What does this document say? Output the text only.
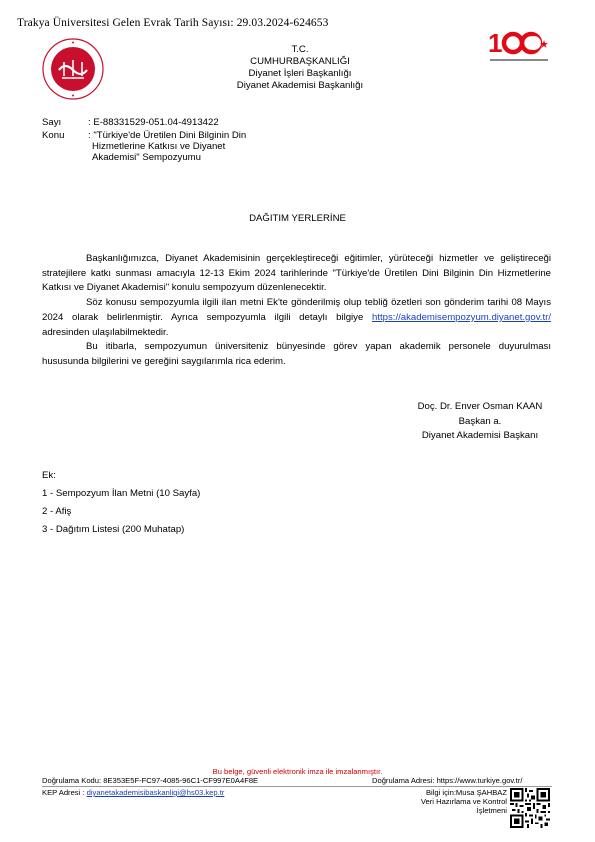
Trakya Üniversitesi Gelen Evrak Tarih Sayısı: 29.03.2024-624653
1
T.C.
CUMHURBAŞKANLIĞI
Diyanet İşleri Başkanlığı
Diyanet Akademisi Başkanlığı
Sayı	: E-88331529-051.04-4913422
Konu : "Türkiye'de Üretilen Dini Bilginin Din
Hizmetlerine Katkısı ve Diyanet
Akademisi" Sempozyumu
DAĞITIM YERLERİNE

Başkanlığımızca, Diyanet Akademisinin gerçekleştireceği eğitimler, yürüteceği hizmetler ve geliştireceği stratejilere katkı sunması amacıyla 12-13 Ekim 2024 tarihlerinde "Türkiye'de Üretilen Dini Bilginin Din Hizmetlerine Katkısı ve Diyanet Akademisi" konulu sempozyum düzenlenecektir.

Söz konusu sempozyumla ilgili ilan metni Ek'te gönderilmiş olup tebliğ özetleri son gönderim tarihi 08 Mayıs 2024 olarak belirlenmiştir. Ayrıca sempozyumla ilgili detaylı bilgiye https://akademisempozyum.diyanet.gov.tr/ adresinden ulaşılabilmektedir.

Bu itibarla, sempozyumun üniversiteniz bünyesinde görev yapan akademik personele duyurulması hususunda bilgilerini ve gereğini saygılarımla rica ederim.

Doç. Dr. Enver Osman KAAN
Başkan a.
Diyanet Akademisi Başkanı
Ek:
1 - Sempozyum İlan Metni (10 Sayfa)
2 - Afiş
3 - Dağıtım Listesi (200 Muhatap)
Bu belge, güvenli elektronik imza ile imzalanmıştır.
Doğrulama Kodu: 8E353E5F-FC97-4085-96C1-CF997E0A4F8E	Doğrulama Adresi: https://www.turkiye.gov.tr/
KEP Adresi : diyanetakademisibaskanligi@hs03.kep.tr	Bilgi için:Musa ŞAHBAZ
Veri Hazırlama ve Kontrol
İşletmeni
